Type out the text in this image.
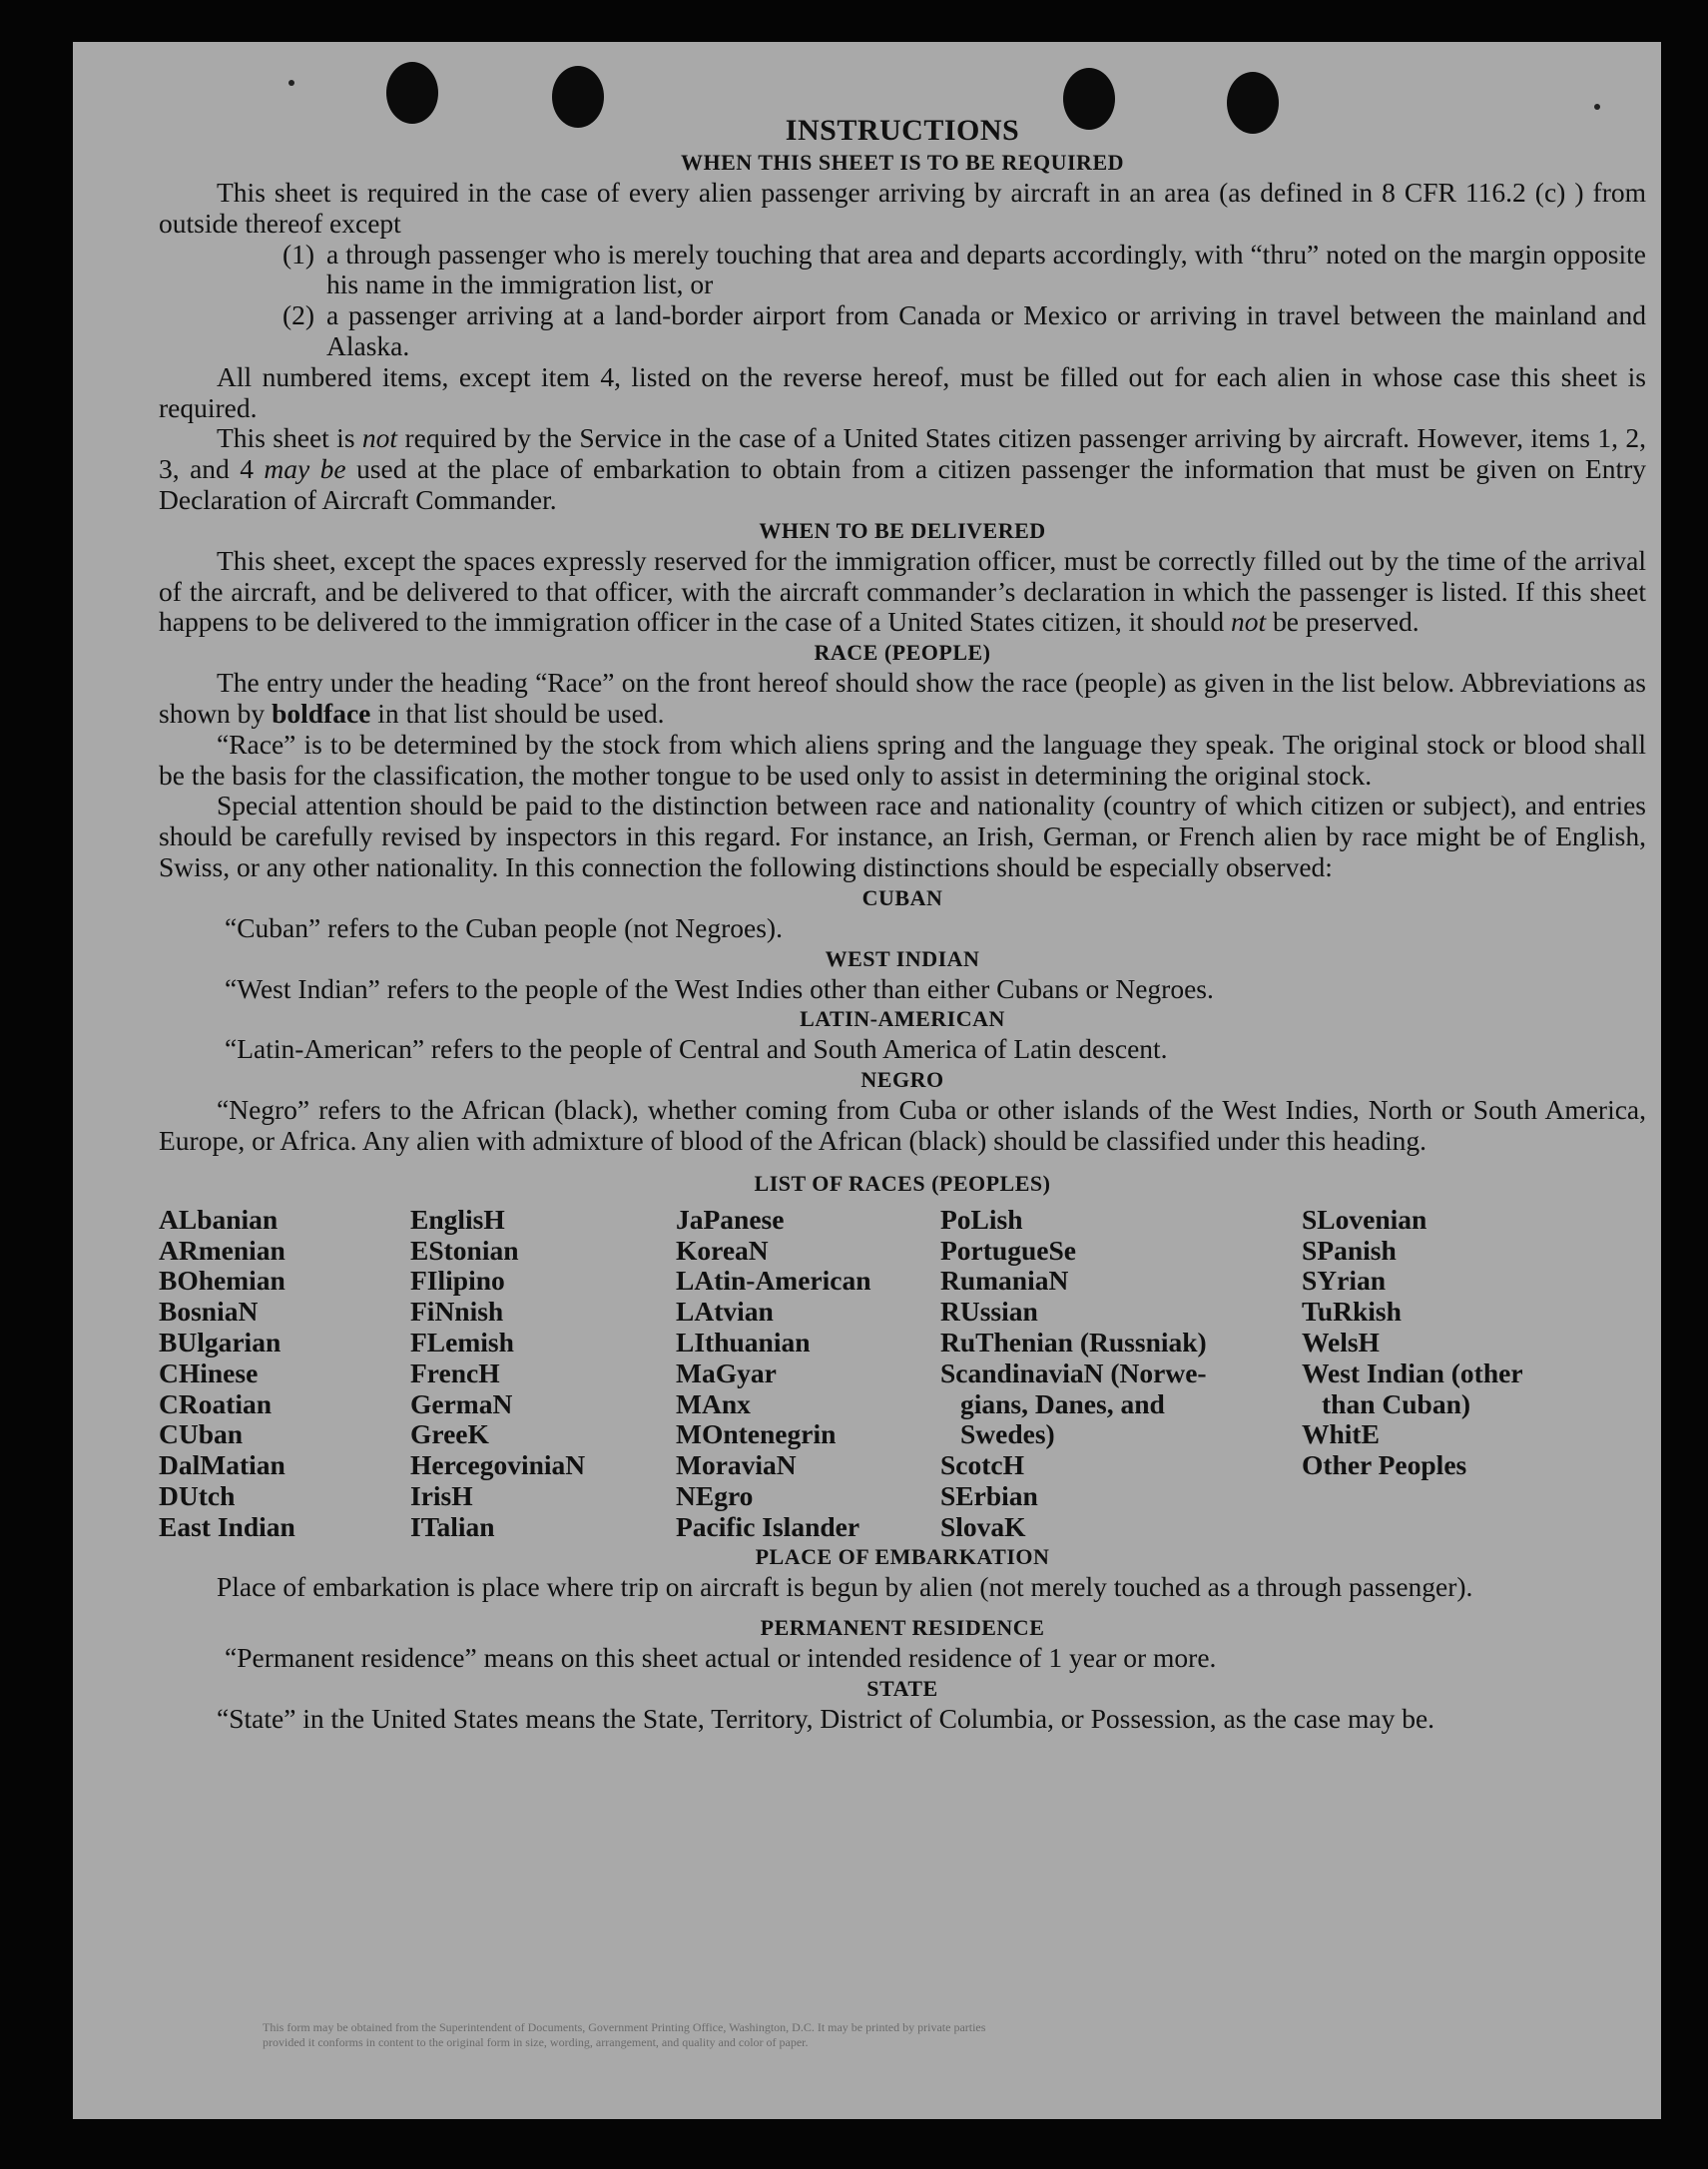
INSTRUCTIONS
WHEN THIS SHEET IS TO BE REQUIRED

This sheet is required in the case of every alien passenger arriving by aircraft in an area (as defined in 8 CFR 116.2 (c) ) from outside thereof except

(1) a through passenger who is merely touching that area and departs accordingly, with “thru” noted on the margin opposite his name in the immigration list, or
(2) a passenger arriving at a land-border airport from Canada or Mexico or arriving in travel between the mainland and Alaska.

All numbered items, except item 4, listed on the reverse hereof, must be filled out for each alien in whose case this sheet is required.

This sheet is not required by the Service in the case of a United States citizen passenger arriving by aircraft. However, items 1, 2, 3, and 4 may be used at the place of embarkation to obtain from a citizen passenger the information that must be given on Entry Declaration of Aircraft Commander.

WHEN TO BE DELIVERED

This sheet, except the spaces expressly reserved for the immigration officer, must be correctly filled out by the time of the arrival of the aircraft, and be delivered to that officer, with the aircraft commander’s declaration in which the passenger is listed. If this sheet happens to be delivered to the immigration officer in the case of a United States citizen, it should not be preserved.

RACE (PEOPLE)

The entry under the heading “Race” on the front hereof should show the race (people) as given in the list below. Abbreviations as shown by boldface in that list should be used.

“Race” is to be determined by the stock from which aliens spring and the language they speak. The original stock or blood shall be the basis for the classification, the mother tongue to be used only to assist in determining the original stock.

Special attention should be paid to the distinction between race and nationality (country of which citizen or subject), and entries should be carefully revised by inspectors in this regard. For instance, an Irish, German, or French alien by race might be of English, Swiss, or any other nationality. In this connection the following distinctions should be especially observed:

CUBAN

“Cuban” refers to the Cuban people (not Negroes).

WEST INDIAN

“West Indian” refers to the people of the West Indies other than either Cubans or Negroes.

LATIN-AMERICAN

“Latin-American” refers to the people of Central and South America of Latin descent.

NEGRO

“Negro” refers to the African (black), whether coming from Cuba or other islands of the West Indies, North or South America, Europe, or Africa. Any alien with admixture of blood of the African (black) should be classified under this heading.

LIST OF RACES (PEOPLES)
ALbanian
ARmenian
BOhemian
BosniaN
BUlgarian
CHinese
CRoatian
CUban
DalMatian
DUtch
East Indian
EnglisH
EStonian
FIlipino
FiNnish
FLemish
FrencH
GermaN
GreeK
HercegoviniaN
IrisH
ITalian
JaPanese
KoreaN
LAtin-American
LAtvian
LIthuanian
MaGyar
MAnx
MOntenegrin
MoraviaN
NEgro
Pacific Islander
PoLish
PortugueSe
RumaniaN
RUssian
RuThenian (Russniak)
ScandinaviaN (Norwe-
gians, Danes, and
Swedes)
ScotcH
SErbian
SlovaK
SLovenian
SPanish
SYrian
TuRkish
WelsH
West Indian (other
than Cuban)
WhitE
Other Peoples
PLACE OF EMBARKATION

Place of embarkation is place where trip on aircraft is begun by alien (not merely touched as a through passenger).

PERMANENT RESIDENCE

“Permanent residence” means on this sheet actual or intended residence of 1 year or more.

STATE

“State” in the United States means the State, Territory, District of Columbia, or Possession, as the case may be.

This form may be obtained from the Superintendent of Documents, Government Printing Office, Washington, D.C. It may be printed by private parties
provided it conforms in content to the original form in size, wording, arrangement, and quality and color of paper.
